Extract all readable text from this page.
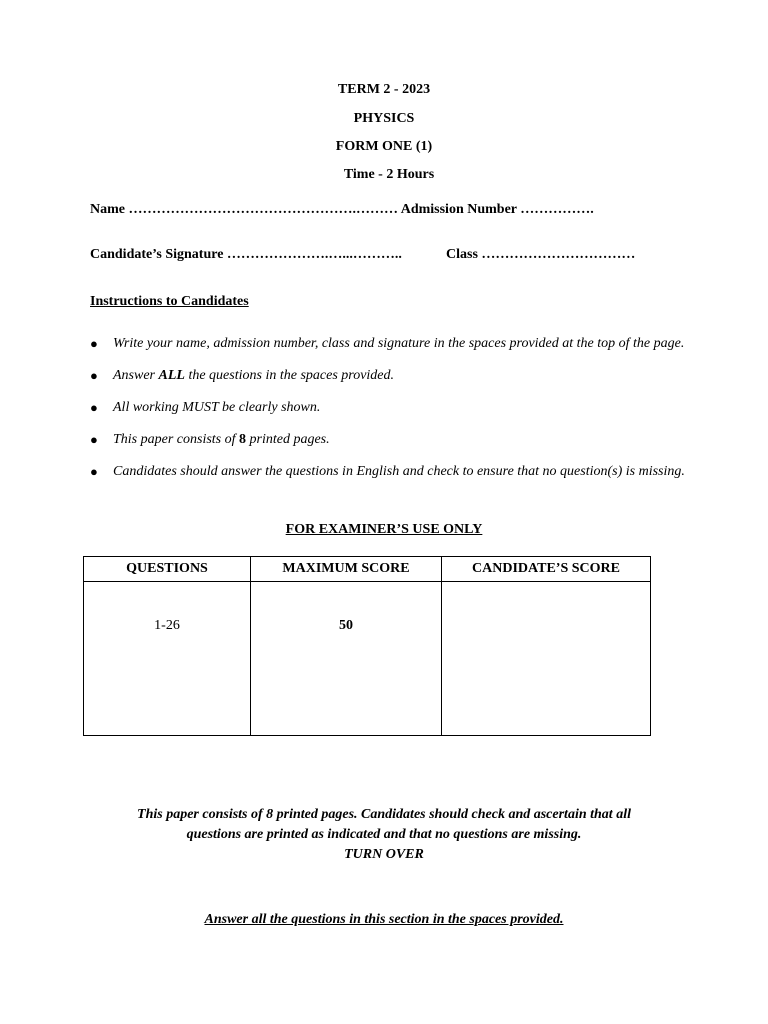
TERM 2 - 2023
PHYSICS
FORM ONE (1)
Time - 2 Hours
Name ………………………………………….……… Admission Number …………….
Candidate’s Signature ………………….…...………..	Class ……………………………
Instructions to Candidates
● Write your name, admission number, class and signature in the spaces provided at the top of the page.
● Answer ALL the questions in the spaces provided.
● All working MUST be clearly shown.
● This paper consists of 8 printed pages.
● Candidates should answer the questions in English and check to ensure that no question(s) is missing.
FOR EXAMINER’S USE ONLY
QUESTIONS	MAXIMUM SCORE	CANDIDATE’S SCORE
1-26	50	
This paper consists of 8 printed pages. Candidates should check and ascertain that all
questions are printed as indicated and that no questions are missing.
TURN OVER
Answer all the questions in this section in the spaces provided.
